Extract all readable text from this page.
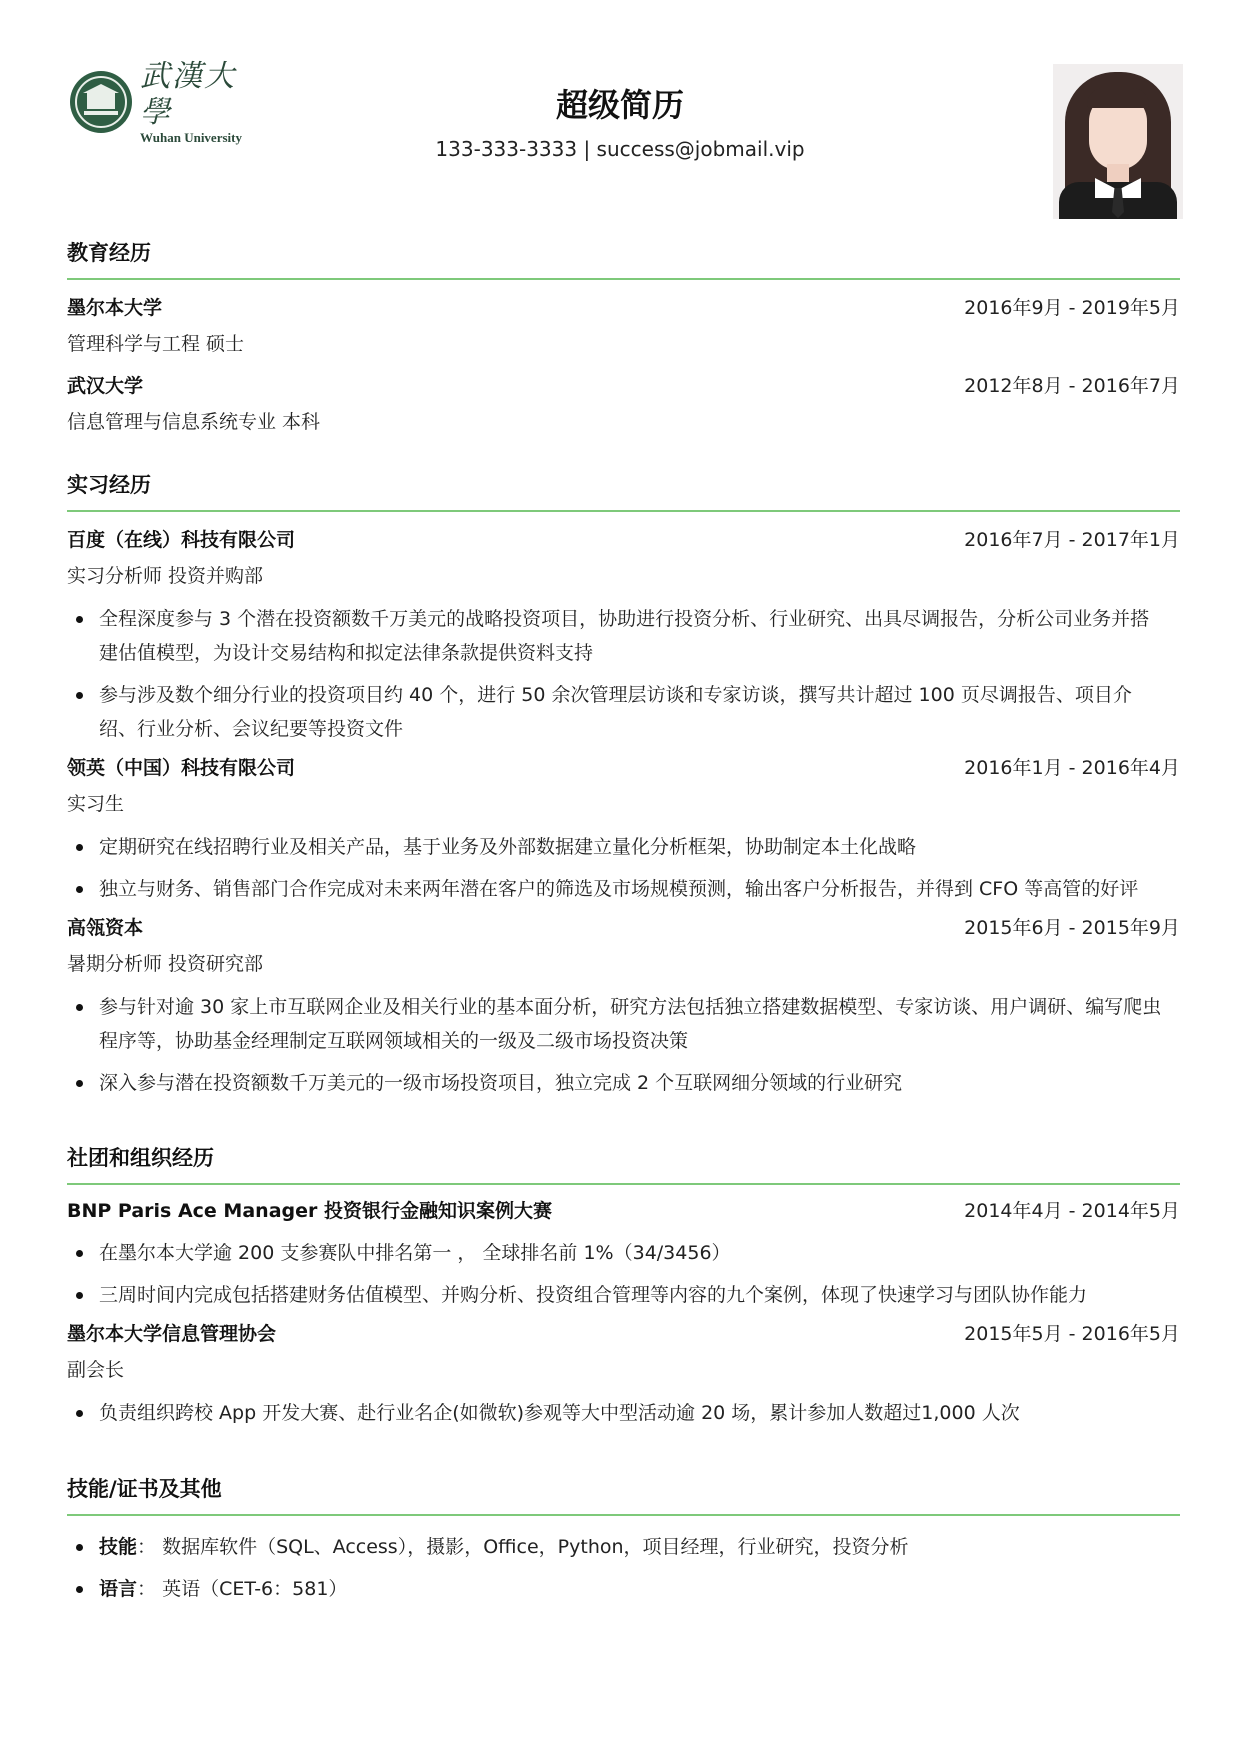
武漢大學
Wuhan University
超级简历
133-333-3333 | success@jobmail.vip
教育经历
墨尔本大学	2016年9月 - 2019年5月
管理科学与工程 硕士
武汉大学	2012年8月 - 2016年7月
信息管理与信息系统专业 本科
实习经历
百度（在线）科技有限公司	2016年7月 - 2017年1月
实习分析师 投资并购部
全程深度参与 3 个潜在投资额数千万美元的战略投资项目，协助进行投资分析、行业研究、出具尽调报告，分析公司业务并搭
建估值模型，为设计交易结构和拟定法律条款提供资料支持
参与涉及数个细分行业的投资项目约 40 个，进行 50 余次管理层访谈和专家访谈，撰写共计超过 100 页尽调报告、项目介
绍、行业分析、会议纪要等投资文件
领英（中国）科技有限公司	2016年1月 - 2016年4月
实习生
定期研究在线招聘行业及相关产品，基于业务及外部数据建立量化分析框架，协助制定本土化战略
独立与财务、销售部门合作完成对未来两年潜在客户的筛选及市场规模预测，输出客户分析报告，并得到 CFO 等高管的好评
高瓴资本	2015年6月 - 2015年9月
暑期分析师 投资研究部
参与针对逾 30 家上市互联网企业及相关行业的基本面分析，研究方法包括独立搭建数据模型、专家访谈、用户调研、编写爬虫
程序等，协助基金经理制定互联网领域相关的一级及二级市场投资决策
深入参与潜在投资额数千万美元的一级市场投资项目，独立完成 2 个互联网细分领域的行业研究
社团和组织经历
BNP Paris Ace Manager 投资银行金融知识案例大赛	2014年4月 - 2014年5月
在墨尔本大学逾 200 支参赛队中排名第一 ， 全球排名前 1%（34/3456）
三周时间内完成包括搭建财务估值模型、并购分析、投资组合管理等内容的九个案例，体现了快速学习与团队协作能力
墨尔本大学信息管理协会	2015年5月 - 2016年5月
副会长
负责组织跨校 App 开发大赛、赴行业名企(如微软)参观等大中型活动逾 20 场，累计参加人数超过1,000 人次
技能/证书及其他
技能： 数据库软件（SQL、Access），摄影，Office，Python，项目经理，行业研究，投资分析
语言： 英语（CET-6：581）
